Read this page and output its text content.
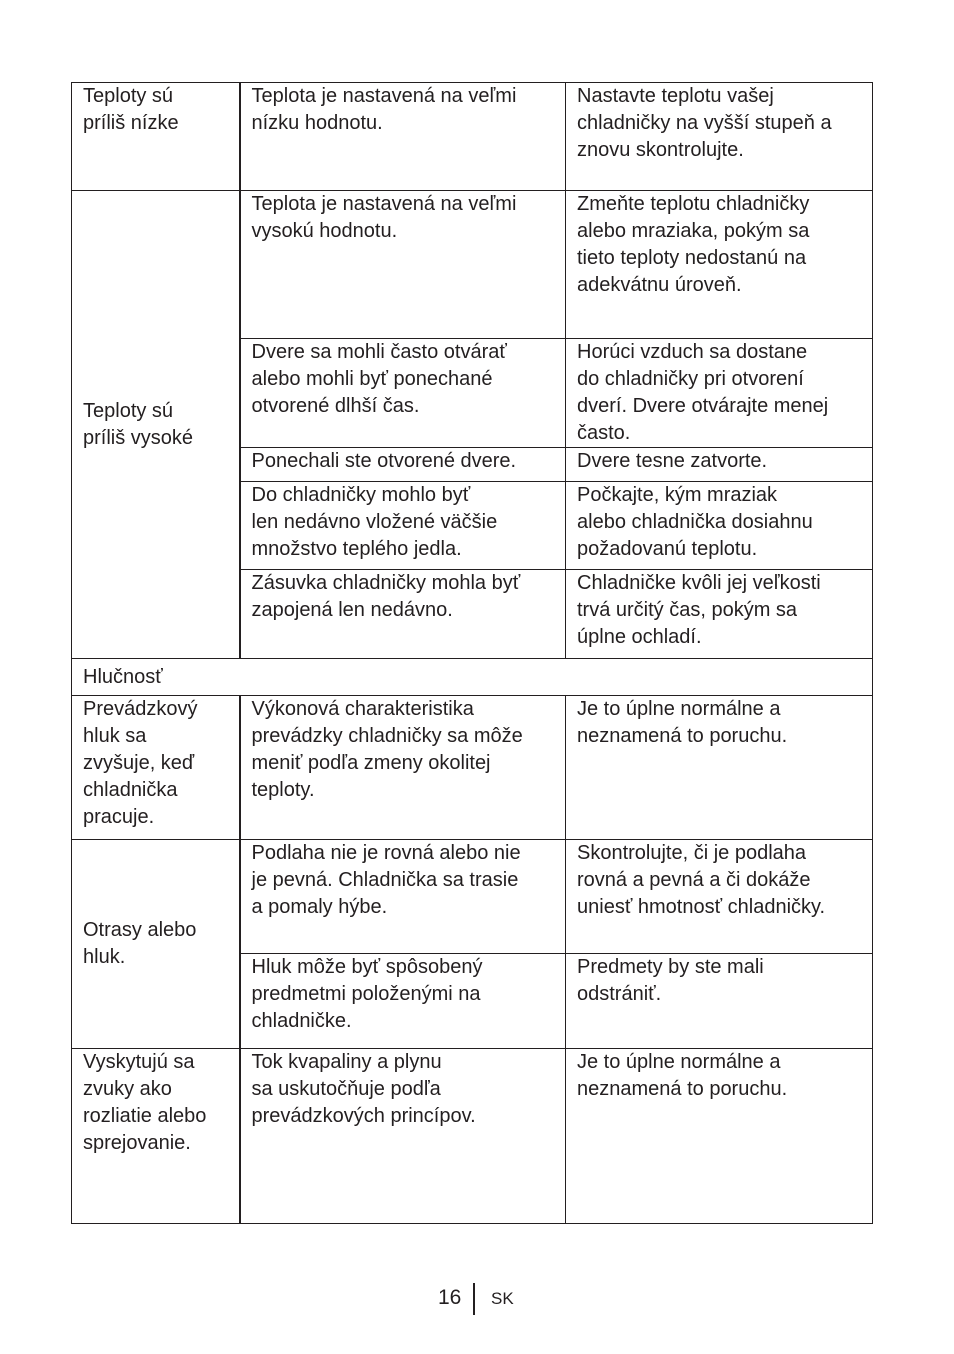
Teploty sú
príliš nízke	Teplota je nastavená na veľmi
nízku hodnotu.	Nastavte teplotu vašej
chladničky na vyšší stupeň a
znovu skontrolujte.

Teploty sú
príliš vysoké	Teplota je nastavená na veľmi
vysokú hodnotu.	Zmeňte teplotu chladničky
alebo mraziaka, pokým sa
tieto teploty nedostanú na
adekvátnu úroveň.

	Dvere sa mohli často otvárať
alebo mohli byť ponechané
otvorené dlhší čas.	Horúci vzduch sa dostane
do chladničky pri otvorení
dverí. Dvere otvárajte menej
často.

	Ponechali ste otvorené dvere.	Dvere tesne zatvorte.

	Do chladničky mohlo byť
len nedávno vložené väčšie
množstvo teplého jedla.	Počkajte, kým mraziak
alebo chladnička dosiahnu
požadovanú teplotu.

	Zásuvka chladničky mohla byť
zapojená len nedávno.	Chladničke kvôli jej veľkosti
trvá určitý čas, pokým sa
úplne ochladí.

Hlučnosť		

Prevádzkový
hluk sa
zvyšuje, keď
chladnička
pracuje.	Výkonová charakteristika
prevádzky chladničky sa môže
meniť podľa zmeny okolitej
teploty.	Je to úplne normálne a
neznamená to poruchu.

Otrasy alebo
hluk.	Podlaha nie je rovná alebo nie
je pevná. Chladnička sa trasie
a pomaly hýbe.	Skontrolujte, či je podlaha
rovná a pevná a či dokáže
uniesť hmotnosť chladničky.

	Hluk môže byť spôsobený
predmetmi položenými na
chladničke.	Predmety by ste mali
odstrániť.

Vyskytujú sa
zvuky ako
rozliatie alebo
sprejovanie.	Tok kvapaliny a plynu
sa uskutočňuje podľa
prevádzkových princípov.	Je to úplne normálne a
neznamená to poruchu.
16 SK
